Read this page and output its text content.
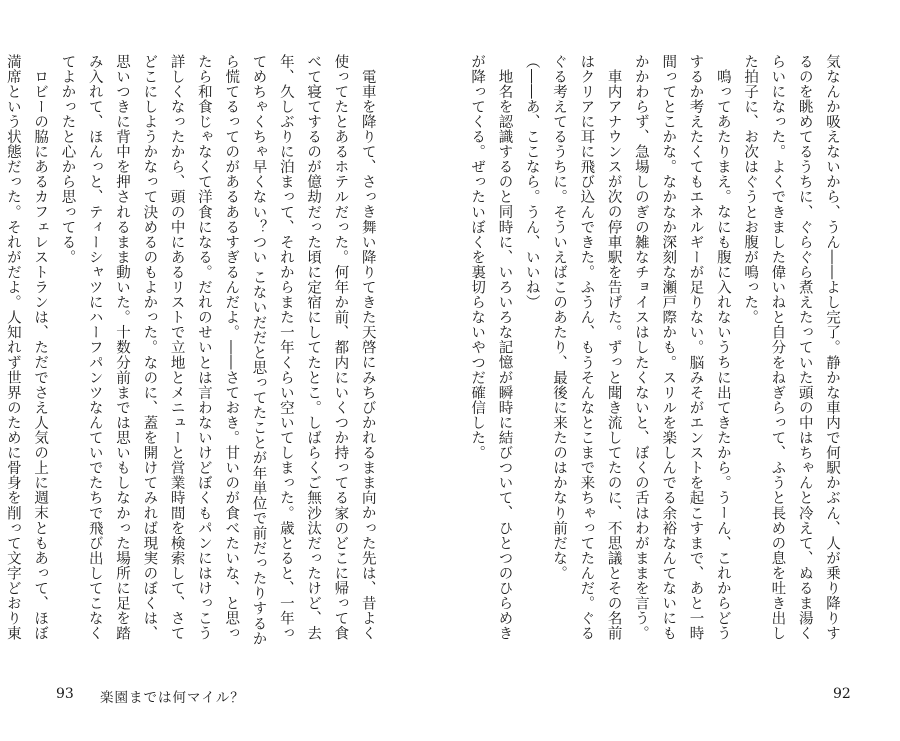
電車を降りて、さっき舞い降りてきた天啓にみちびかれるまま向かった先は、昔よく使ってたとあるホテルだった。何年か前、都内にいくつか持ってる家のどこに帰って食べて寝てするのが億劫だった頃に定宿にしてたとこ。しばらくご無沙汰だったけど、去年、久しぶりに泊まって、それからまた一年くらい空いてしまった。歳とると、一年ってめちゃくちゃ早くない？つい こないだだと思ってたことが年単位で前だったりするから慌てるってのがあるあるすぎるんだよ。――さておき。甘いのが食べたいな、と思ったら和食じゃなくて洋食になる。だれのせいとは言わないけどぼくもパンにはけっこう詳しくなったから、頭の中にあるリストで立地とメニューと営業時間を検索して、さてどこにしようかなって決めるのもよかった。なのに、蓋を開けてみれば現実のぼくは、思いつきに背中を押されるまま動いた。十数分前までは思いもしなかった場所に足を踏み入れて、ほんっと、ティーシャツにハーフパンツなんていでたちで飛び出してこなくてよかったと心から思ってる。

ロビーの脇にあるカフェレストランは、ただでさえ人気の上に週末ともあって、ほぼ満席という状態だった。それがだよ。人知れず世界のために骨身を削って文字どおり東

93 楽園までは何マイル？

気なんか吸えないから、うん――よし完了。静かな車内で何駅かぶん、人が乗り降りするのを眺めてるうちに、ぐらぐら煮えたっていた頭の中はちゃんと冷えて、ぬるま湯くらいになった。よくできました偉いねと自分をねぎらって、ふうと長めの息を吐き出した拍子に、お次はぐうとお腹が鳴った。

鳴ってあたりまえ。なにも腹に入れないうちに出てきたから。うーん、これからどうするか考えたくてもエネルギーが足りない。脳みそがエンストを起こすまで、あと一時間ってとこかな。なかなか深刻な瀬戸際かも。スリルを楽しんでる余裕なんてないにもかかわらず、急場しのぎの雑なチョイスはしたくないと、ぼくの舌はわがままを言う。

車内アナウンスが次の停車駅を告げた。ずっと聞き流してたのに、不思議とその名前はクリアに耳に飛び込んできた。ふうん、もうそんなとこまで来ちゃってたんだ。ぐるぐる考えてるうちに。そういえばこのあたり、最後に来たのはかなり前だな。

（――あ、ここなら。うん、いいね）

地名を認識するのと同時に、いろいろな記憶が瞬時に結びついて、ひとつのひらめきが降ってくる。ぜったいぼくを裏切らないやつだ確信した。

92
